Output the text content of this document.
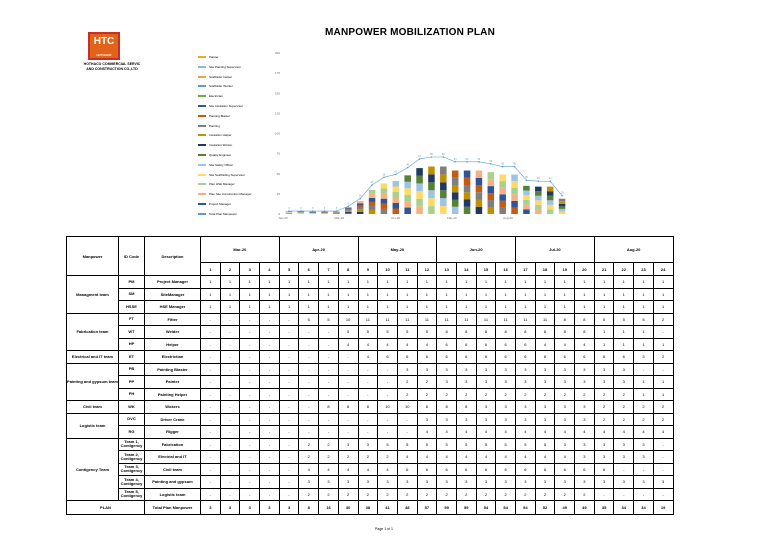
MANPOWER MOBILIZATION PLAN
HTC
HUTHACO
HOTHACO COMMERCIAL SERVIC
AND CONSTRUCTION CO.,LTD
200
175
150
125
100
75
50
25
0
3	3	3	3	3
8
16
30
38
41
48
57
59	59
54	54	54
52
49	49
35	34	34
19
Jan-20	Mar-20	Jun-20	Feb-20	Aug-20
Painter
Site Painting Supervisor
Scaffolder Helper
Scaffolder Worker
Electrician
Site Insulation Supervisor
Painting Blaster
Painting
Insulation Helper
Insulation Worker
Quality Engineer
Site Safety Officer
Site Scaffolding Supervisor
Plan HSE Manager
Plan Site Construction Manager
Project Manager
Total Plan Manpower
Manpower	ID Code	Description	Mar-20				Apr-20				May-20				Jun-20				Jul-20				Aug-20			
			1	2	3	4	5	6	7	8	9	10	11	12	13	14	15	16	17	18	19	20	21	22	23	24
Managment team	PM	Project Manager	1	1	1	1	1	1	1	1	1	1	1	1	1	1	1	1	1	1	1	1	1	1	1	1
	SM	SiteManager	1	1	1	1	1	1	1	1	1	1	1	1	1	1	1	1	1	1	1	1	1	1	1	1
	HSSE	HSE Manager	1	1	1	1	1	1	1	1	1	1	1	1	1	1	1	1	1	1	1	1	1	1	1	1
Fabrication team	FT	Fitter	-	-	-	-	-	5	5	10	11	11	11	11	11	11	11	11	11	11	8	8	5	5	5	2
	WT	Welder	-	-	-	-	-	-	-	5	5	5	5	5	8	8	8	8	8	8	8	8	1	1	1	-
	HP	Helper	-	-	-	-	-	-	-	4	4	4	4	4	6	6	6	6	6	4	4	4	1	1	1	1
Electrical and IT team	ET	Electrictian	-	-	-	-	-	-	-	-	4	6	6	6	6	6	6	6	6	6	6	6	6	6	3	2
Painting and gypsum team	PB	Painting Blaster	-	-	-	-	-	-	-	-	-	-	3	3	3	3	3	3	3	3	3	3	3	3	-	-
	PP	Painter	-	-	-	-	-	-	-	-	-	-	2	2	3	3	3	3	3	3	3	3	3	3	1	1
	PH	Painting Helper	-	-	-	-	-	-	-	-	-	-	2	2	2	2	2	2	2	2	2	2	2	2	1	1
Civil team	WK	Wokers	-	-	-	-	-	-	8	8	8	10	10	8	8	8	3	3	3	3	3	3	2	2	2	2
Logistic team	DVC	Driver Crane	-	-	-	-	-	-	-	-	-	-	-	3	3	3	3	3	3	3	3	3	2	2	2	2
	RG	Rigger	-	-	-	-	-	-	-	-	-	-	-	4	4	4	4	4	4	4	4	4	4	4	4	4
Contigency Team	Team 1, Contigency	Fabrication	-	-	-	-	-	2	2	3	3	5	5	5	5	5	5	5	5	5	3	3	3	3	3	-
	Team 2, Contigency	Electrial and IT	-	-	-	-	-	2	2	2	2	2	4	4	4	4	4	4	4	4	4	3	3	3	3	-
	Team 3, Contigency	Civil team	-	-	-	-	-	4	4	4	4	4	6	6	6	6	6	6	6	6	6	6	6	-	-	-
	Team 4, Contigency	Painting and gypsum	-	-	-	-	-	3	3	3	3	3	3	3	3	3	3	3	3	3	3	3	3	3	3	3
	Team 5, Contigency	Logistic team	-	-	-	-	-	2	2	2	2	2	2	2	2	2	2	2	2	2	2	2	-	-	-	-
PLAN		Total Plan Manpower	3	3	3	3	3	8	16	30	38	41	48	57	59	59	54	54	54	52	49	49	35	34	34	19
Page 1 of 1
